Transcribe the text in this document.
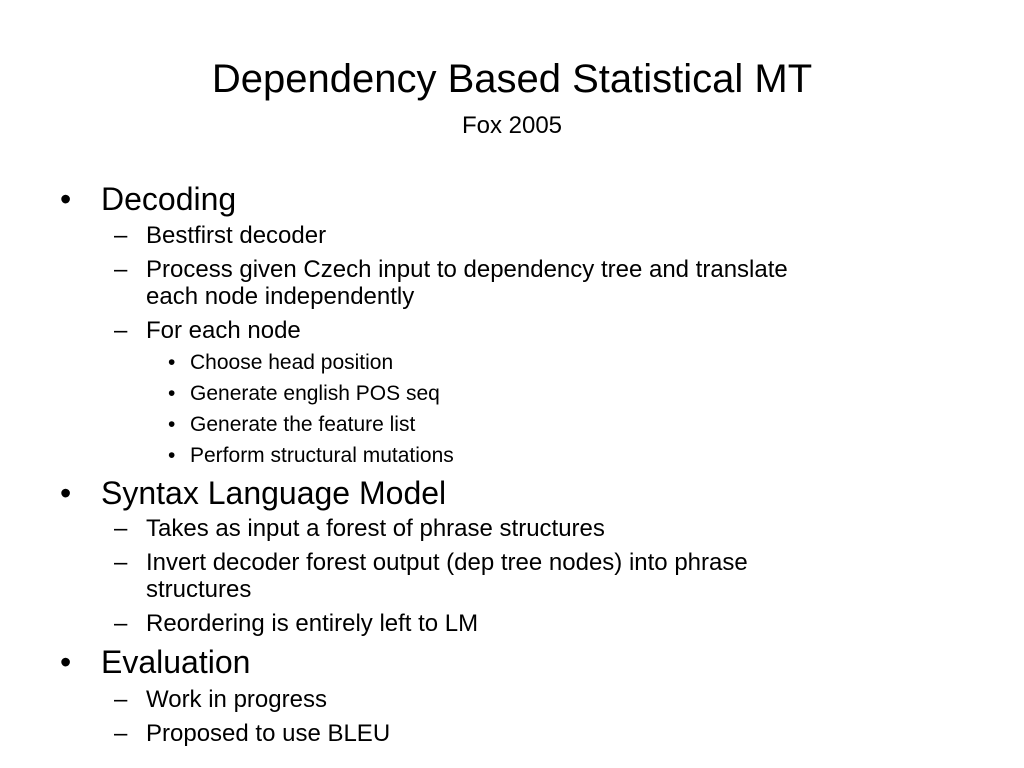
Dependency Based Statistical MT
Fox 2005
• Decoding
– Bestfirst decoder
– Process given Czech input to dependency tree and translate
each node independently
– For each node
• Choose head position
• Generate english POS seq
• Generate the feature list
• Perform structural mutations
• Syntax Language Model
– Takes as input a forest of phrase structures
– Invert decoder forest output (dep tree nodes) into phrase
structures
– Reordering is entirely left to LM
• Evaluation
– Work in progress
– Proposed to use BLEU
